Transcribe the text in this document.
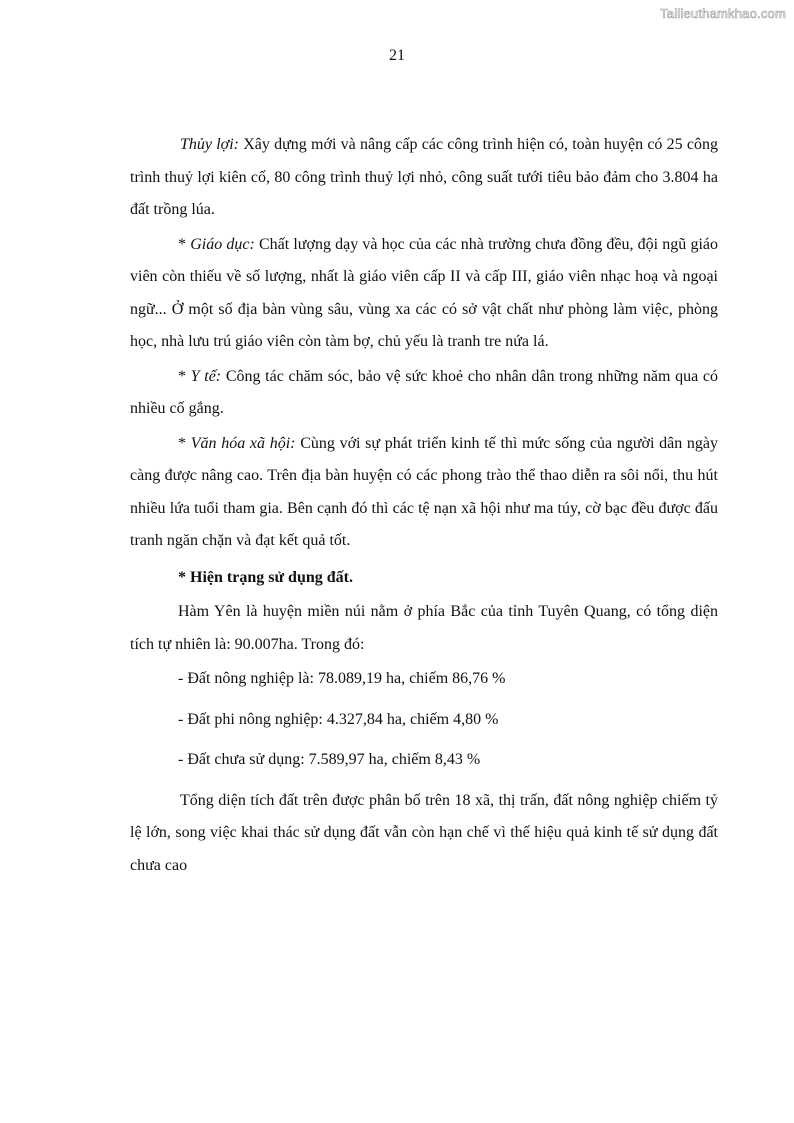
Tailieuthamkhao.com
21

Thủy lợi: Xây dựng mới và nâng cấp các công trình hiện có, toàn huyện có 25 công trình thuỷ lợi kiên cố, 80 công trình thuỷ lợi nhỏ, công suất tưới tiêu bảo đảm cho 3.804 ha đất trồng lúa.

* Giáo dục: Chất lượng dạy và học của các nhà trường chưa đồng đều, đội ngũ giáo viên còn thiếu về số lượng, nhất là giáo viên cấp II và cấp III, giáo viên nhạc hoạ và ngoại ngữ... Ở một số địa bàn vùng sâu, vùng xa các có sở vật chất như phòng làm việc, phòng học, nhà lưu trú giáo viên còn tàm bợ, chủ yếu là tranh tre nứa lá.

* Y tế: Công tác chăm sóc, bảo vệ sức khoẻ cho nhân dân trong những năm qua có nhiều cố gắng.

* Văn hóa xã hội: Cùng với sự phát triển kinh tế thì mức sống của người dân ngày càng được nâng cao. Trên địa bàn huyện có các phong trào thể thao diễn ra sôi nổi, thu hút nhiều lứa tuổi tham gia. Bên cạnh đó thì các tệ nạn xã hội như ma túy, cờ bạc đều được đấu tranh ngăn chặn và đạt kết quả tốt.

* Hiện trạng sử dụng đất.

Hàm Yên là huyện miền núi nằm ở phía Bắc của tỉnh Tuyên Quang, có tổng diện tích tự nhiên là: 90.007ha. Trong đó:

- Đất nông nghiệp là: 78.089,19 ha, chiếm 86,76 %

- Đất phi nông nghiệp: 4.327,84 ha, chiếm 4,80 %

- Đất chưa sử dụng: 7.589,97 ha, chiếm 8,43 %

Tổng diện tích đất trên được phân bố trên 18 xã, thị trấn, đất nông nghiệp chiếm tỷ lệ lớn, song việc khai thác sử dụng đất vẫn còn hạn chế vì thế hiệu quả kinh tế sử dụng đất chưa cao
